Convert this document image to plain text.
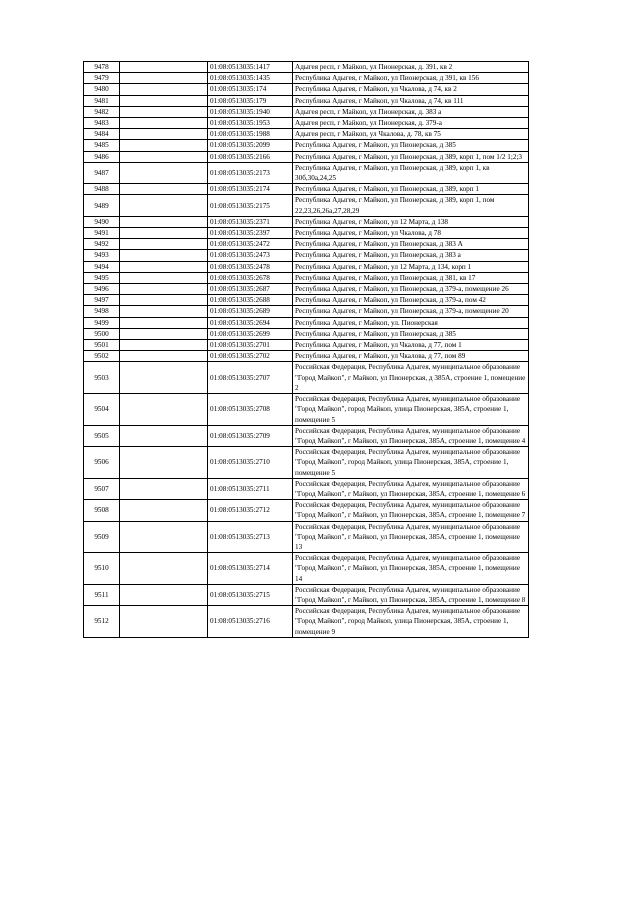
9478		01:08:0513035:1417	Адыгея респ, г Майкоп, ул Пионерская, д. 391, кв 2
9479		01:08:0513035:1435	Республика Адыгея, г Майкоп, ул Пионерская, д 391, кв 156
9480		01:08:0513035:174	Республика Адыгея, г Майкоп, ул Чкалова, д 74, кв 2
9481		01:08:0513035:179	Республика Адыгея, г Майкоп, ул Чкалова, д 74, кв 111
9482		01:08:0513035:1940	Адыгея респ, г Майкоп, ул Пионерская, д. 383 а
9483		01:08:0513035:1953	Адыгея респ, г Майкоп, ул Пионерская, д. 379-а
9484		01:08:0513035:1988	Адыгея респ, г Майкоп, ул Чкалова, д. 78, кв 75
9485		01:08:0513035:2099	Республика Адыгея, г Майкоп, ул Пионерская, д 385
9486		01:08:0513035:2166	Республика Адыгея, г Майкоп, ул Пионерская, д 389, корп 1, пом 1/2 1;2;3
9487		01:08:0513035:2173	Республика Адыгея, г Майкоп, ул Пионерская, д 389, корп 1, кв 30б,30а,24,25
9488		01:08:0513035:2174	Республика Адыгея, г Майкоп, ул Пионерская, д 389, корп 1
9489		01:08:0513035:2175	Республика Адыгея, г Майкоп, ул Пионерская, д 389, корп 1, пом 22,23,26,26а,27,28,29
9490		01:08:0513035:2371	Республика Адыгея, г Майкоп, ул 12 Марта, д 138
9491		01:08:0513035:2397	Республика Адыгея, г Майкоп, ул Чкалова, д 78
9492		01:08:0513035:2472	Республика Адыгея, г Майкоп, ул Пионерская, д 383 А
9493		01:08:0513035:2473	Республика Адыгея, г Майкоп, ул Пионерская, д 383 а
9494		01:08:0513035:2478	Республика Адыгея, г Майкоп, ул 12 Марта, д 134, корп 1
9495		01:08:0513035:2678	Республика Адыгея, г Майкоп, ул Пионерская, д 381, кв 17
9496		01:08:0513035:2687	Республика Адыгея, г Майкоп, ул Пионерская, д 379-а, помещение 26
9497		01:08:0513035:2688	Республика Адыгея, г Майкоп, ул Пионерская, д 379-а, пом 42
9498		01:08:0513035:2689	Республика Адыгея, г Майкоп, ул Пионерская, д 379-а, помещение 20
9499		01:08:0513035:2694	Республика Адыгея, г Майкоп, ул. Пионерская
9500		01:08:0513035:2699	Республика Адыгея, г Майкоп, ул Пионерская, д 385
9501		01:08:0513035:2701	Республика Адыгея, г Майкоп, ул Чкалова, д 77, пом 1
9502		01:08:0513035:2702	Республика Адыгея, г Майкоп, ул Чкалова, д 77, пом 89
9503		01:08:0513035:2707	Российская Федерация, Республика Адыгея, муниципальное образование "Город Майкоп", г Майкоп, ул Пионерская, д 385А, строение 1, помещение 2
9504		01:08:0513035:2708	Российская Федерация, Республика Адыгея, муниципальное образование "Город Майкоп", город Майкоп, улица Пионерская, 385А, строение 1, помещение 5
9505		01:08:0513035:2709	Российская Федерация, Республика Адыгея, муниципальное образование "Город Майкоп", г Майкоп, ул Пионерская, 385А, строение 1, помещение 4
9506		01:08:0513035:2710	Российская Федерация, Республика Адыгея, муниципальное образование "Город Майкоп", город Майкоп, улица Пионерская, 385А, строение 1, помещение 5
9507		01:08:0513035:2711	Российская Федерация, Республика Адыгея, муниципальное образование "Город Майкоп", г Майкоп, ул Пионерская, 385А, строение 1, помещение 6
9508		01:08:0513035:2712	Российская Федерация, Республика Адыгея, муниципальное образование "Город Майкоп", г Майкоп, ул Пионерская, 385А, строение 1, помещение 7
9509		01:08:0513035:2713	Российская Федерация, Республика Адыгея, муниципальное образование "Город Майкоп", г Майкоп, ул Пионерская, 385А, строение 1, помещение 13
9510		01:08:0513035:2714	Российская Федерация, Республика Адыгея, муниципальное образование "Город Майкоп", г Майкоп, ул Пионерская, 385А, строение 1, помещение 14
9511		01:08:0513035:2715	Российская Федерация, Республика Адыгея, муниципальное образование "Город Майкоп", г Майкоп, ул Пионерская, 385А, строение 1, помещение 8
9512		01:08:0513035:2716	Российская Федерация, Республика Адыгея, муниципальное образование "Город Майкоп", город Майкоп, улица Пионерская, 385А, строение 1, помещение 9
